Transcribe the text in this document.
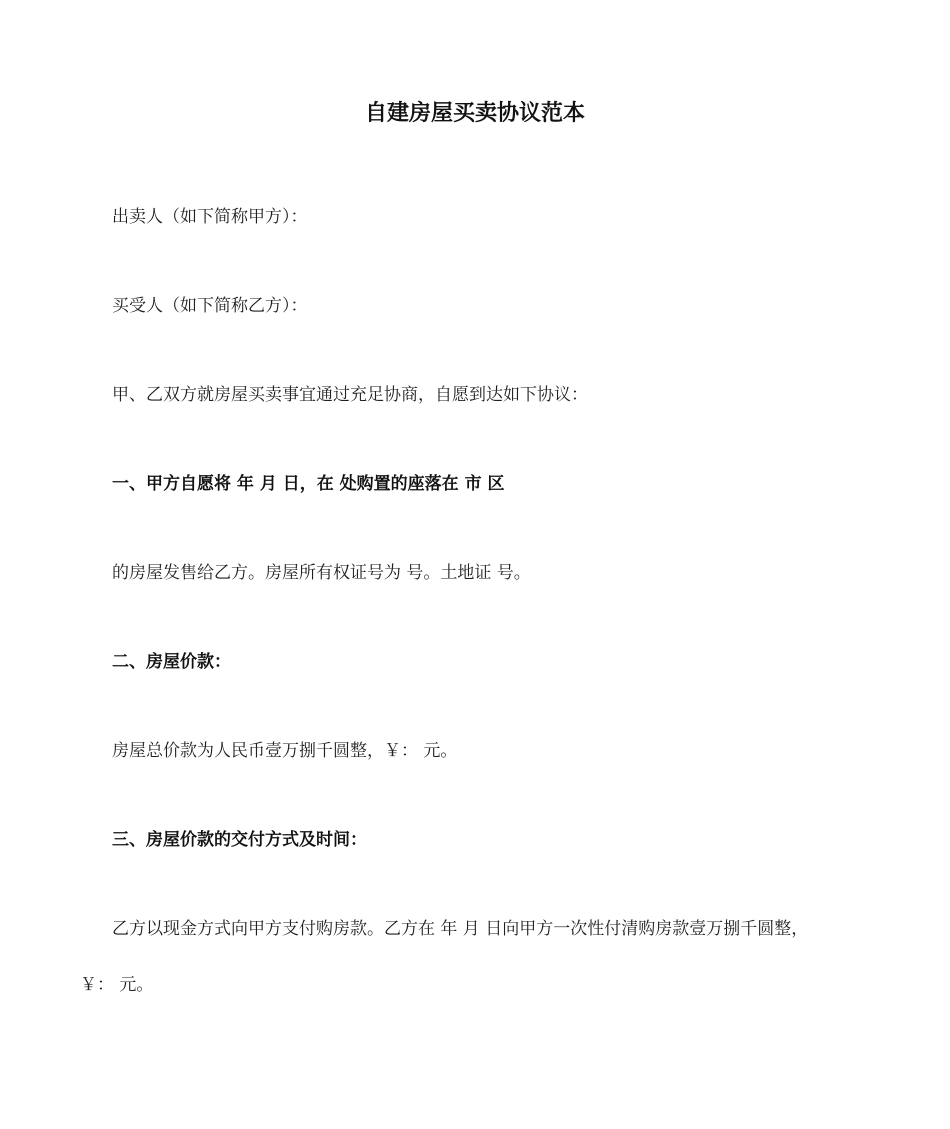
自建房屋买卖协议范本
出卖人（如下简称甲方）：
买受人（如下简称乙方）：
甲、乙双方就房屋买卖事宜通过充足协商，自愿到达如下协议：
一、甲方自愿将 年 月 日，在 处购置的座落在 市 区
的房屋发售给乙方。房屋所有权证号为 号。土地证 号。
二、房屋价款：
房屋总价款为人民币壹万捌千圆整，￥： 元。
三、房屋价款的交付方式及时间：
乙方以现金方式向甲方支付购房款。乙方在 年 月 日向甲方一次性付清购房款壹万捌千圆整，
￥： 元。
